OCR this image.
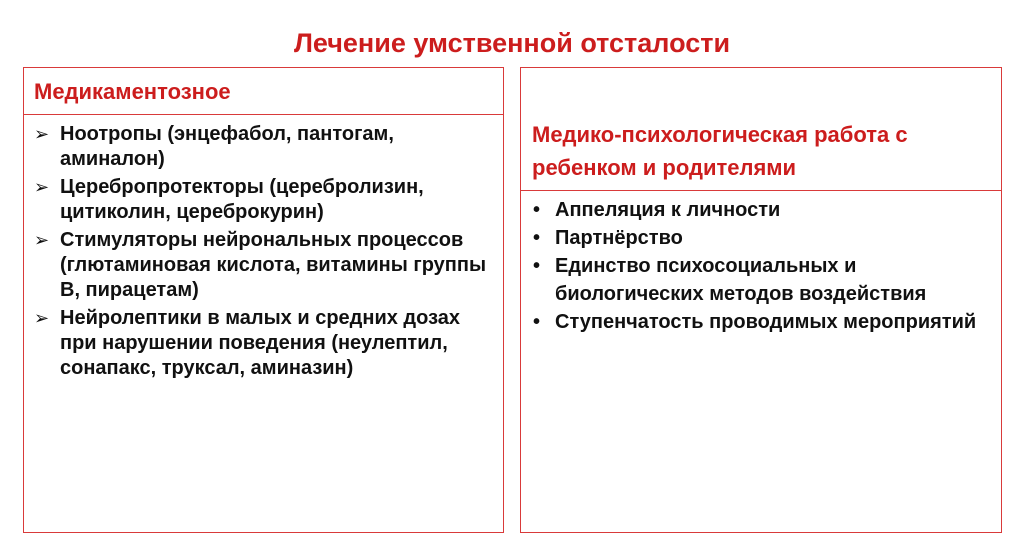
Лечение умственной отсталости
Медикаментозное
➢ Ноотропы (энцефабол, пантогам, аминалон)
➢ Церебропротекторы (церебролизин, цитиколин, цереброкурин)
➢ Стимуляторы нейрональных процессов (глютаминовая кислота, витамины группы В, пирацетам)
➢ Нейролептики в малых и средних дозах при нарушении поведения (неулептил, сонапакс, труксал, аминазин)
Медико-психологическая работа с ребенком и родителями
• Аппеляция к личности
• Партнёрство
• Единство психосоциальных и биологических методов воздействия
• Ступенчатость проводимых мероприятий
